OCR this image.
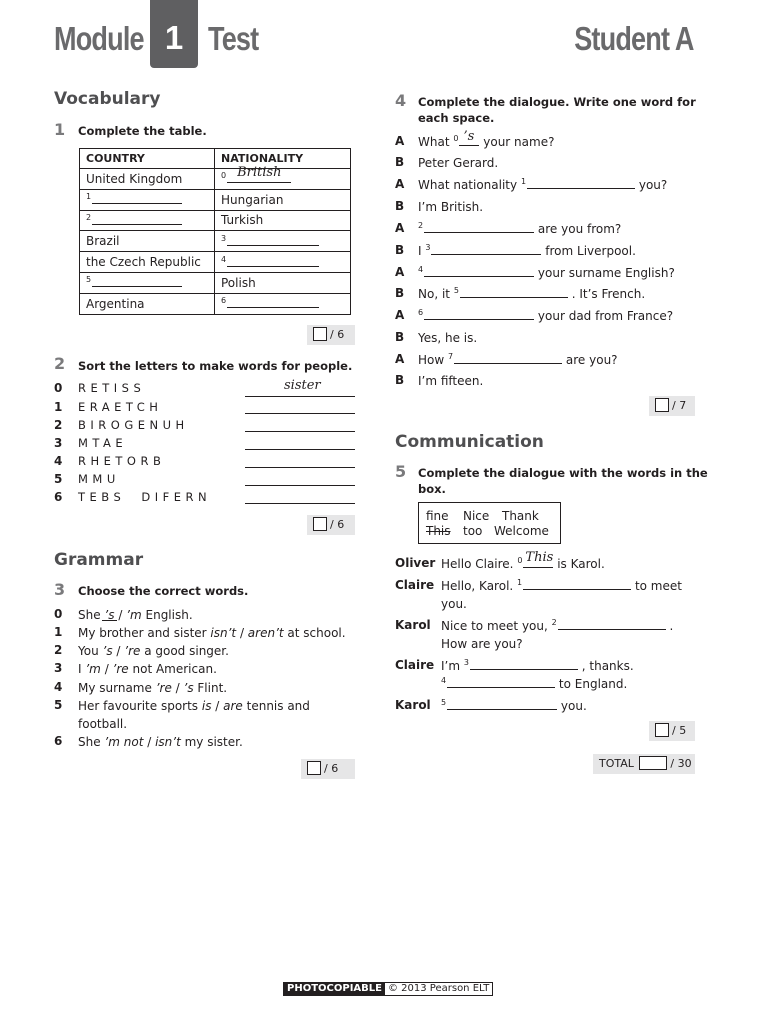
Module 1 Test	Student A
Vocabulary
1 Complete the table.
COUNTRY	NATIONALITY
United Kingdom	$^0$ British

$^1$	Hungarian
$^2$	Turkish
Brazil	$^3$
the Czech Republic	$^4$
$^5$	Polish
Argentina	$^6$
/ 6
2 Sort the letters to make words for people.
0 RETISS	sister
1 ERAETCH
2 BIROGENUH
3 MTAE
4 RHETORB
5 MMU
6 TEBS DIFERN
/ 6
Grammar
3 Choose the correct words.
0 She ’s
/ ’m English.
1 My brother and sister isn’t / aren’t at school.
2 You ’s / ’re a good singer.
3 I ’m / ’re not American.
4 My surname ’re / ’s Flint.
5 Her favourite sports is / are tennis and
football.
6 She ’m not / isn’t my sister.
/ 6
4 Complete the dialogue. Write one word for
each space.
A What $^0$ ’s your name?
B Peter Gerard.
A What nationality $^1$	you?
B I’m British.
A $^2$	are you from?
B I $^3$	from Liverpool.
A $^4$	your surname English?
B No, it $^5$	. It’s French.
A $^6$	your dad from France?
B Yes, he is.
A How $^7$	are you?
B I’m fifteen.
/ 7
Communication
5 Complete the dialogue with the words in the
box.
fine Nice Thank
This too Welcome
Oliver Hello Claire. $^0$ This is Karol.
Claire Hello, Karol. $^1$	to meet
you.
Karol Nice to meet you, $^2$	.
How are you?
Claire I’m $^3$	, thanks.
$^4$	to England.
Karol $^5$	you.
/ 5
TOTAL	/ 30
PHOTOCOPIABLE © 2013 Pearson ELT
